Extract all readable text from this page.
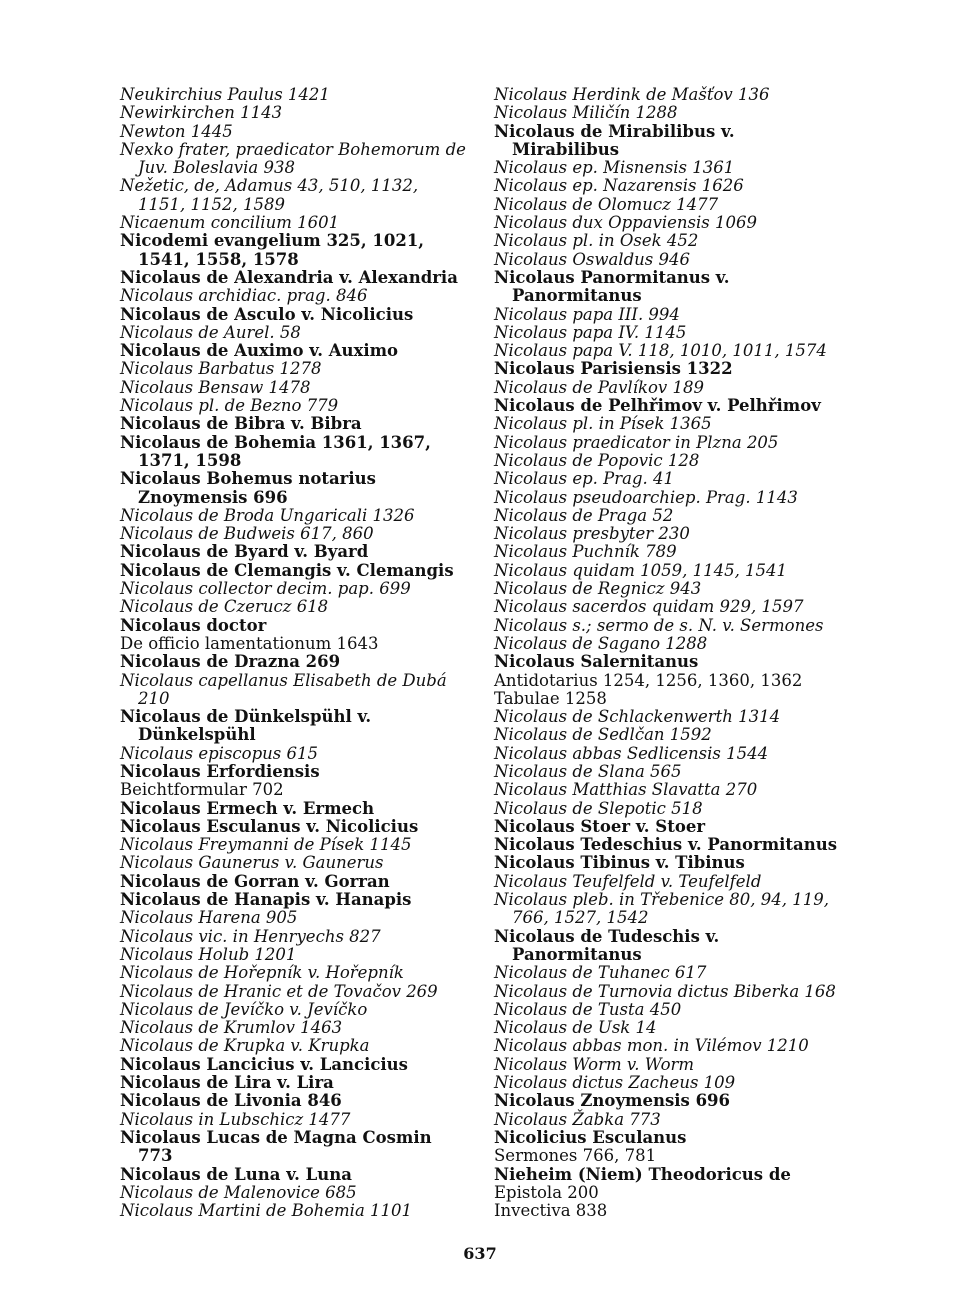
Neukirchius Paulus 1421
Newirkirchen 1143
Newton 1445
Nexko frater, praedicator Bohemorum de Juv. Boleslavia 938
Nežetic, de, Adamus 43, 510, 1132, 1151, 1152, 1589
Nicaenum concilium 1601
Nicodemi evangelium 325, 1021, 1541, 1558, 1578
Nicolaus de Alexandria v. Alexandria
Nicolaus archidiac. prag. 846
Nicolaus de Asculo v. Nicolicius
Nicolaus de Aurel. 58
Nicolaus de Auximo v. Auximo
Nicolaus Barbatus 1278
Nicolaus Bensaw 1478
Nicolaus pl. de Bezno 779
Nicolaus de Bibra v. Bibra
Nicolaus de Bohemia 1361, 1367, 1371, 1598
Nicolaus Bohemus notarius Znoymensis 696
Nicolaus de Broda Ungaricali 1326
Nicolaus de Budweis 617, 860
Nicolaus de Byard v. Byard
Nicolaus de Clemangis v. Clemangis
Nicolaus collector decim. pap. 699
Nicolaus de Czerucz 618
Nicolaus doctor
De officio lamentationum 1643
Nicolaus de Drazna 269
Nicolaus capellanus Elisabeth de Dubá 210
Nicolaus de Dünkelspühl v. Dünkelspühl
Nicolaus episcopus 615
Nicolaus Erfordiensis
Beichtformular 702
Nicolaus Ermech v. Ermech
Nicolaus Esculanus v. Nicolicius
Nicolaus Freymanni de Písek 1145
Nicolaus Gaunerus v. Gaunerus
Nicolaus de Gorran v. Gorran
Nicolaus de Hanapis v. Hanapis
Nicolaus Harena 905
Nicolaus vic. in Henryechs 827
Nicolaus Holub 1201
Nicolaus de Hořepník v. Hořepník
Nicolaus de Hranic et de Tovačov 269
Nicolaus de Jevíčko v. Jevíčko
Nicolaus de Krumlov 1463
Nicolaus de Krupka v. Krupka
Nicolaus Lancicius v. Lancicius
Nicolaus de Lira v. Lira
Nicolaus de Livonia 846
Nicolaus in Lubschicz 1477
Nicolaus Lucas de Magna Cosmin 773
Nicolaus de Luna v. Luna
Nicolaus de Malenovice 685
Nicolaus Martini de Bohemia 1101
Nicolaus Herdink de Mašťov 136
Nicolaus Miličín 1288
Nicolaus de Mirabilibus v. Mirabilibus
Nicolaus ep. Misnensis 1361
Nicolaus ep. Nazarensis 1626
Nicolaus de Olomucz 1477
Nicolaus dux Oppaviensis 1069
Nicolaus pl. in Osek 452
Nicolaus Oswaldus 946
Nicolaus Panormitanus v. Panormitanus
Nicolaus papa III. 994
Nicolaus papa IV. 1145
Nicolaus papa V. 118, 1010, 1011, 1574
Nicolaus Parisiensis 1322
Nicolaus de Pavlíkov 189
Nicolaus de Pelhřimov v. Pelhřimov
Nicolaus pl. in Písek 1365
Nicolaus praedicator in Plzna 205
Nicolaus de Popovic 128
Nicolaus ep. Prag. 41
Nicolaus pseudoarchiep. Prag. 1143
Nicolaus de Praga 52
Nicolaus presbyter 230
Nicolaus Puchník 789
Nicolaus quidam 1059, 1145, 1541
Nicolaus de Regnicz 943
Nicolaus sacerdos quidam 929, 1597
Nicolaus s.; sermo de s. N. v. Sermones
Nicolaus de Sagano 1288
Nicolaus Salernitanus
Antidotarius 1254, 1256, 1360, 1362
Tabulae 1258
Nicolaus de Schlackenwerth 1314
Nicolaus de Sedlčan 1592
Nicolaus abbas Sedlicensis 1544
Nicolaus de Slana 565
Nicolaus Matthias Slavatta 270
Nicolaus de Slepotic 518
Nicolaus Stoer v. Stoer
Nicolaus Tedeschius v. Panormitanus
Nicolaus Tibinus v. Tibinus
Nicolaus Teufelfeld v. Teufelfeld
Nicolaus pleb. in Třebenice 80, 94, 119, 766, 1527, 1542
Nicolaus de Tudeschis v. Panormitanus
Nicolaus de Tuhanec 617
Nicolaus de Turnovia dictus Biberka 168
Nicolaus de Tusta 450
Nicolaus de Usk 14
Nicolaus abbas mon. in Vilémov 1210
Nicolaus Worm v. Worm
Nicolaus dictus Zacheus 109
Nicolaus Znoymensis 696
Nicolaus Žabka 773
Nicolicius Esculanus
Sermones 766, 781
Nieheim (Niem) Theodoricus de
Epistola 200
Invectiva 838
637
